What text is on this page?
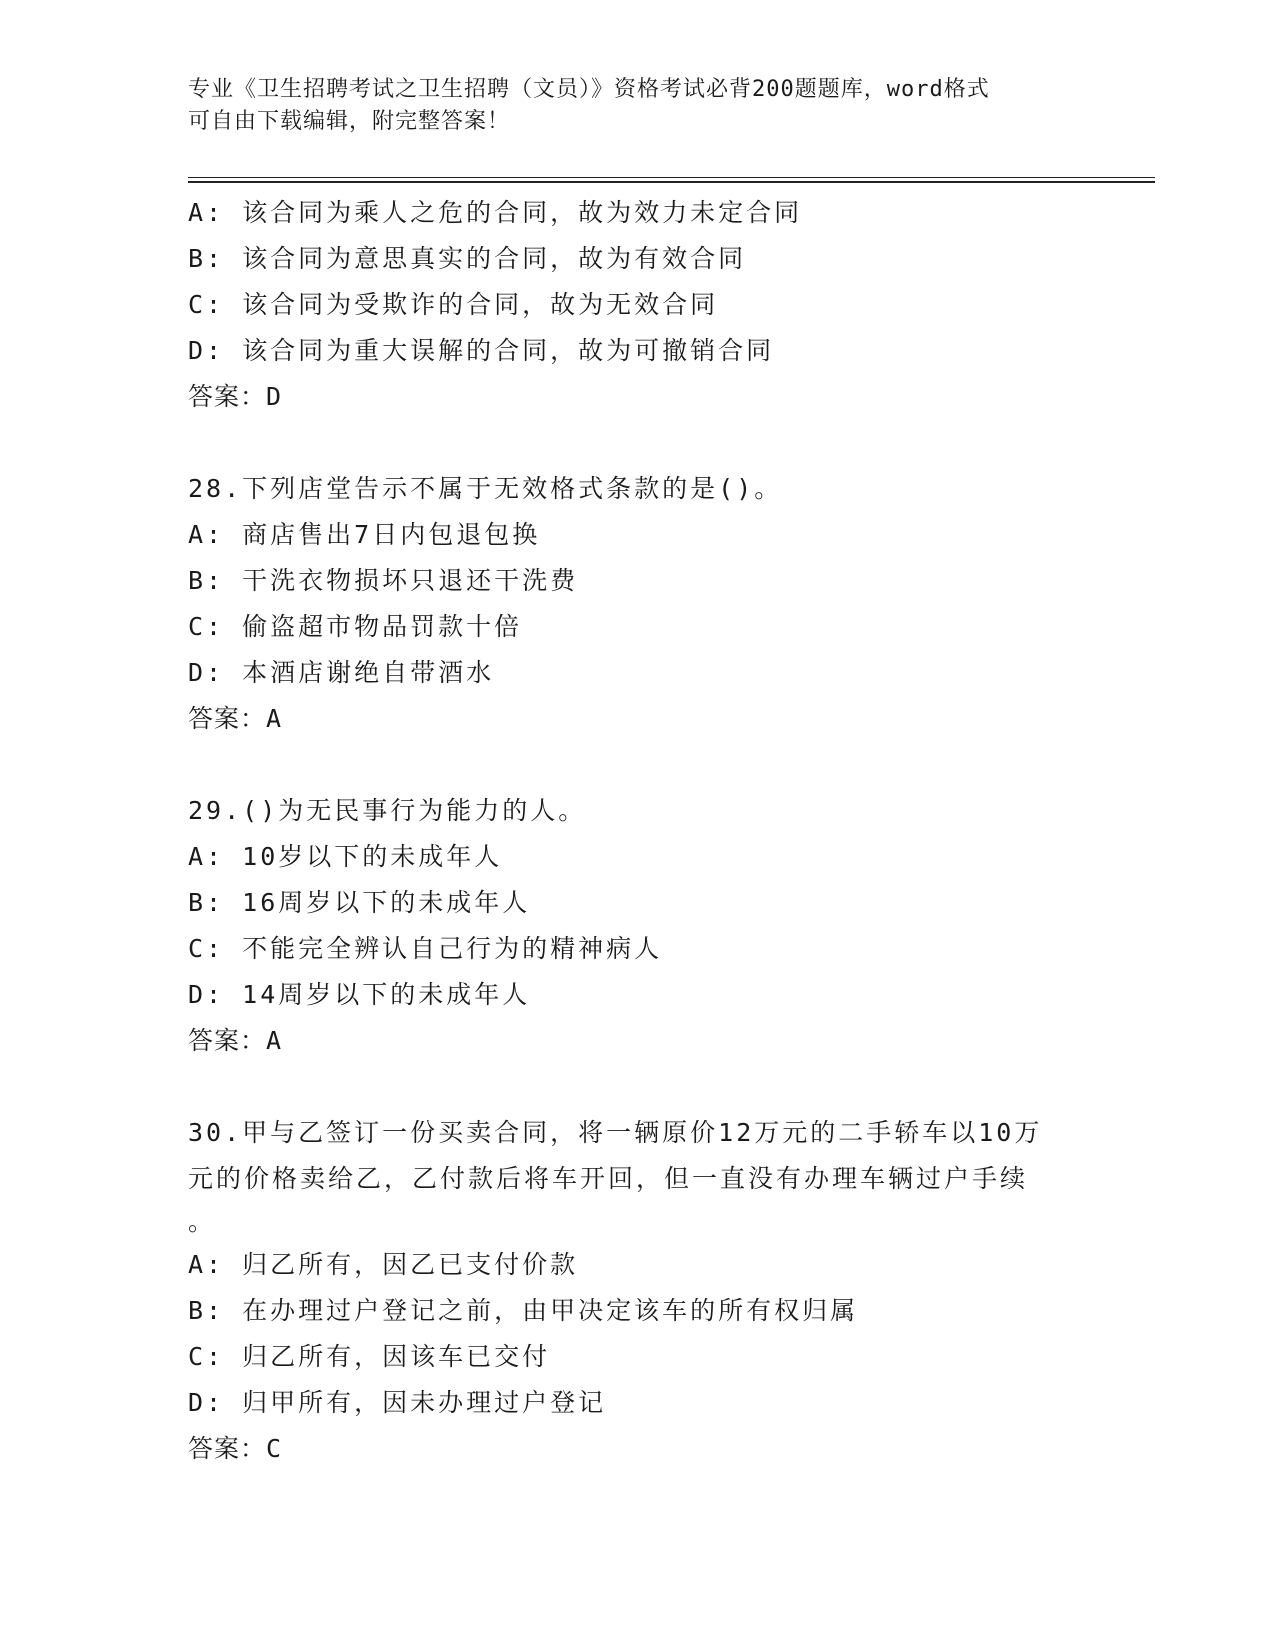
专业《卫生招聘考试之卫生招聘（文员）》资格考试必背200题题库，word格式
可自由下载编辑，附完整答案！
A: 该合同为乘人之危的合同，故为效力未定合同
B: 该合同为意思真实的合同，故为有效合同
C: 该合同为受欺诈的合同，故为无效合同
D: 该合同为重大误解的合同，故为可撤销合同
答案：D
28.下列店堂告示不属于无效格式条款的是()。
A: 商店售出7日内包退包换
B: 干洗衣物损坏只退还干洗费
C: 偷盗超市物品罚款十倍
D: 本酒店谢绝自带酒水
答案：A
29.()为无民事行为能力的人。
A: 10岁以下的未成年人
B: 16周岁以下的未成年人
C: 不能完全辨认自己行为的精神病人
D: 14周岁以下的未成年人
答案：A
30.甲与乙签订一份买卖合同，将一辆原价12万元的二手轿车以10万
元的价格卖给乙，乙付款后将车开回，但一直没有办理车辆过户手续
。
A: 归乙所有，因乙已支付价款
B: 在办理过户登记之前，由甲决定该车的所有权归属
C: 归乙所有，因该车已交付
D: 归甲所有，因未办理过户登记
答案：C
